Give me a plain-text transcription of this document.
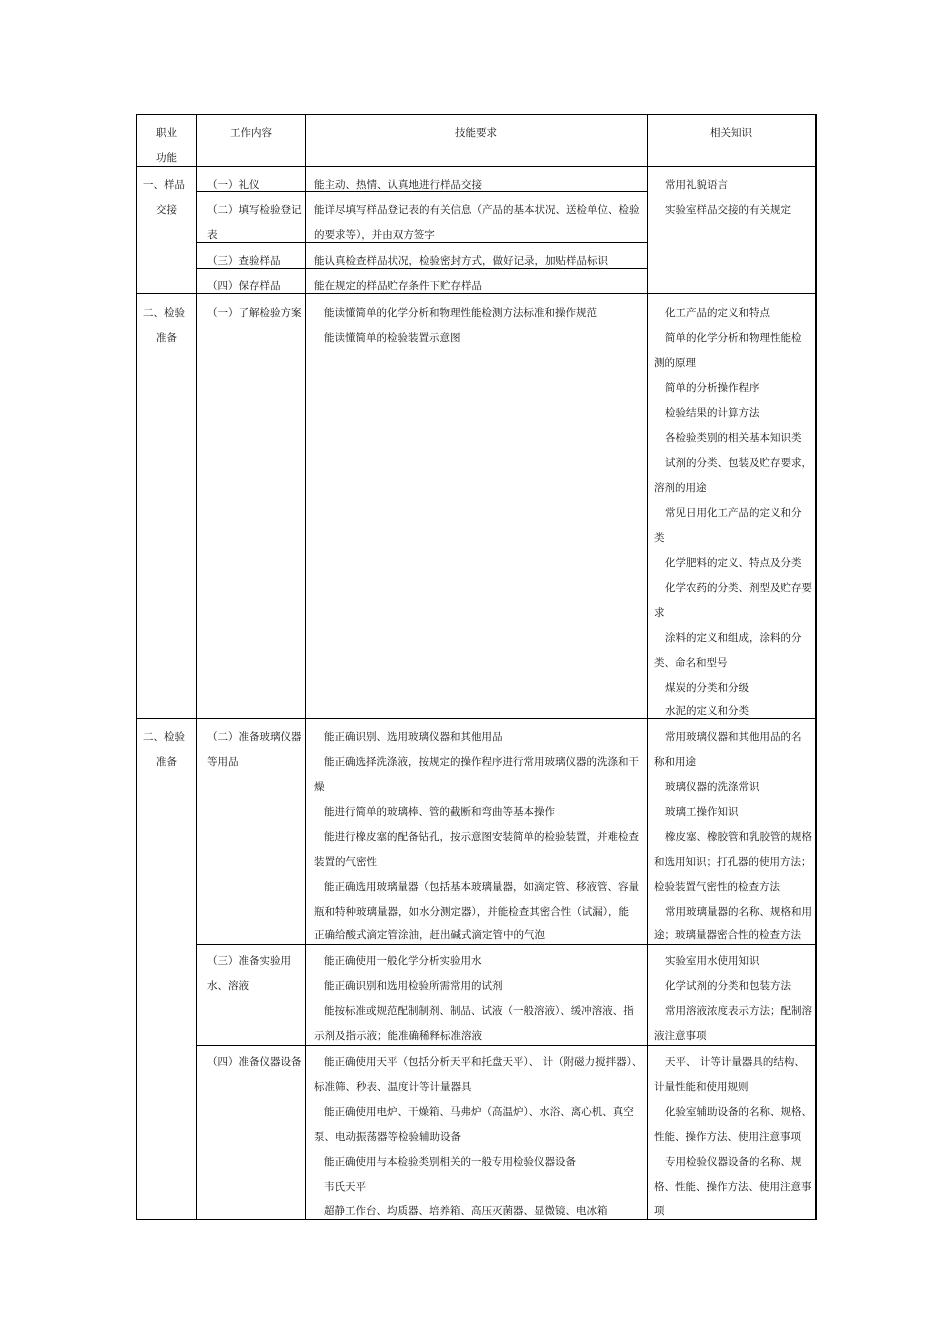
职业
功能
工作内容	技能要求	相关知识
一、样品
交接
（一）礼仪
（二）填写检验登记
表
（三）查验样品
（四）保存样品
能主动、热情、认真地进行样品交接
能详尽填写样品登记表的有关信息（产品的基本状况、送检单位、检验
的要求等），并由双方签字
能认真检查样品状况，检验密封方式，做好记录，加贴样品标识
能在规定的样品贮存条件下贮存样品
常用礼貌语言
实验室样品交接的有关规定
二、检验
准备
（一）了解检验方案 能读懂简单的化学分析和物理性能检测方法标准和操作规范
能读懂简单的检验装置示意图
化工产品的定义和特点
简单的化学分析和物理性能检
测的原理
简单的分析操作程序
检验结果的计算方法
各检验类别的相关基本知识类
试剂的分类、包装及贮存要求，
溶剂的用途
常见日用化工产品的定义和分
类
化学肥料的定义、特点及分类
化学农药的分类、剂型及贮存要
求
涂料的定义和组成，涂料的分
类、命名和型号
煤炭的分类和分级
水泥的定义和分类
二、检验
准备
（二）准备玻璃仪器
等用品
能正确识别、选用玻璃仪器和其他用品
能正确选择洗涤液，按规定的操作程序进行常用玻璃仪器的洗涤和干
燥
能进行简单的玻璃棒、管的截断和弯曲等基本操作
能进行橡皮塞的配备钻孔，按示意图安装简单的检验装置，并难检查
装置的气密性
能正确选用玻璃量器（包括基本玻璃量器，如滴定管、移液管、容量
瓶和特种玻璃量器，如水分测定器），并能检查其密合性（试漏），能
正确给酸式滴定管涂油，赶出碱式滴定管中的气泡
常用玻璃仪器和其他用品的名
称和用途
玻璃仪器的洗涤常识
玻璃工操作知识
橡皮塞、橡胶管和乳胶管的规格
和选用知识；打孔器的使用方法；
检验装置气密性的检查方法
常用玻璃量器的名称、规格和用
途；玻璃量器密合性的检查方法
（三）准备实验用
水、溶液
能正确使用一般化学分析实验用水
能正确识别和选用检验所需常用的试剂
能按标准或规范配制制剂、制品、试液（一般溶液）、缓冲溶液、指
示剂及指示液；能准确稀释标准溶液
实验室用水使用知识
化学试剂的分类和包装方法
常用溶液浓度表示方法；配制溶
液注意事项
（四）准备仪器设备 能正确使用天平（包括分析天平和托盘天平）、 计（附磁力搅拌器）、
标准筛、秒表、温度计等计量器具
能正确使用电炉、干燥箱、马弗炉（高温炉）、水浴、离心机、真空
泵、电动振荡器等检验辅助设备
能正确使用与本检验类别相关的一般专用检验仪器设备
韦氏天平
超静工作台、均质器、培养箱、高压灭菌器、显微镜、电冰箱
天平、 计等计量器具的结构、
计量性能和使用规则
化验室辅助设备的名称、规格、
性能、操作方法、使用注意事项
专用检验仪器设备的名称、规
格、性能、操作方法、使用注意事
项
